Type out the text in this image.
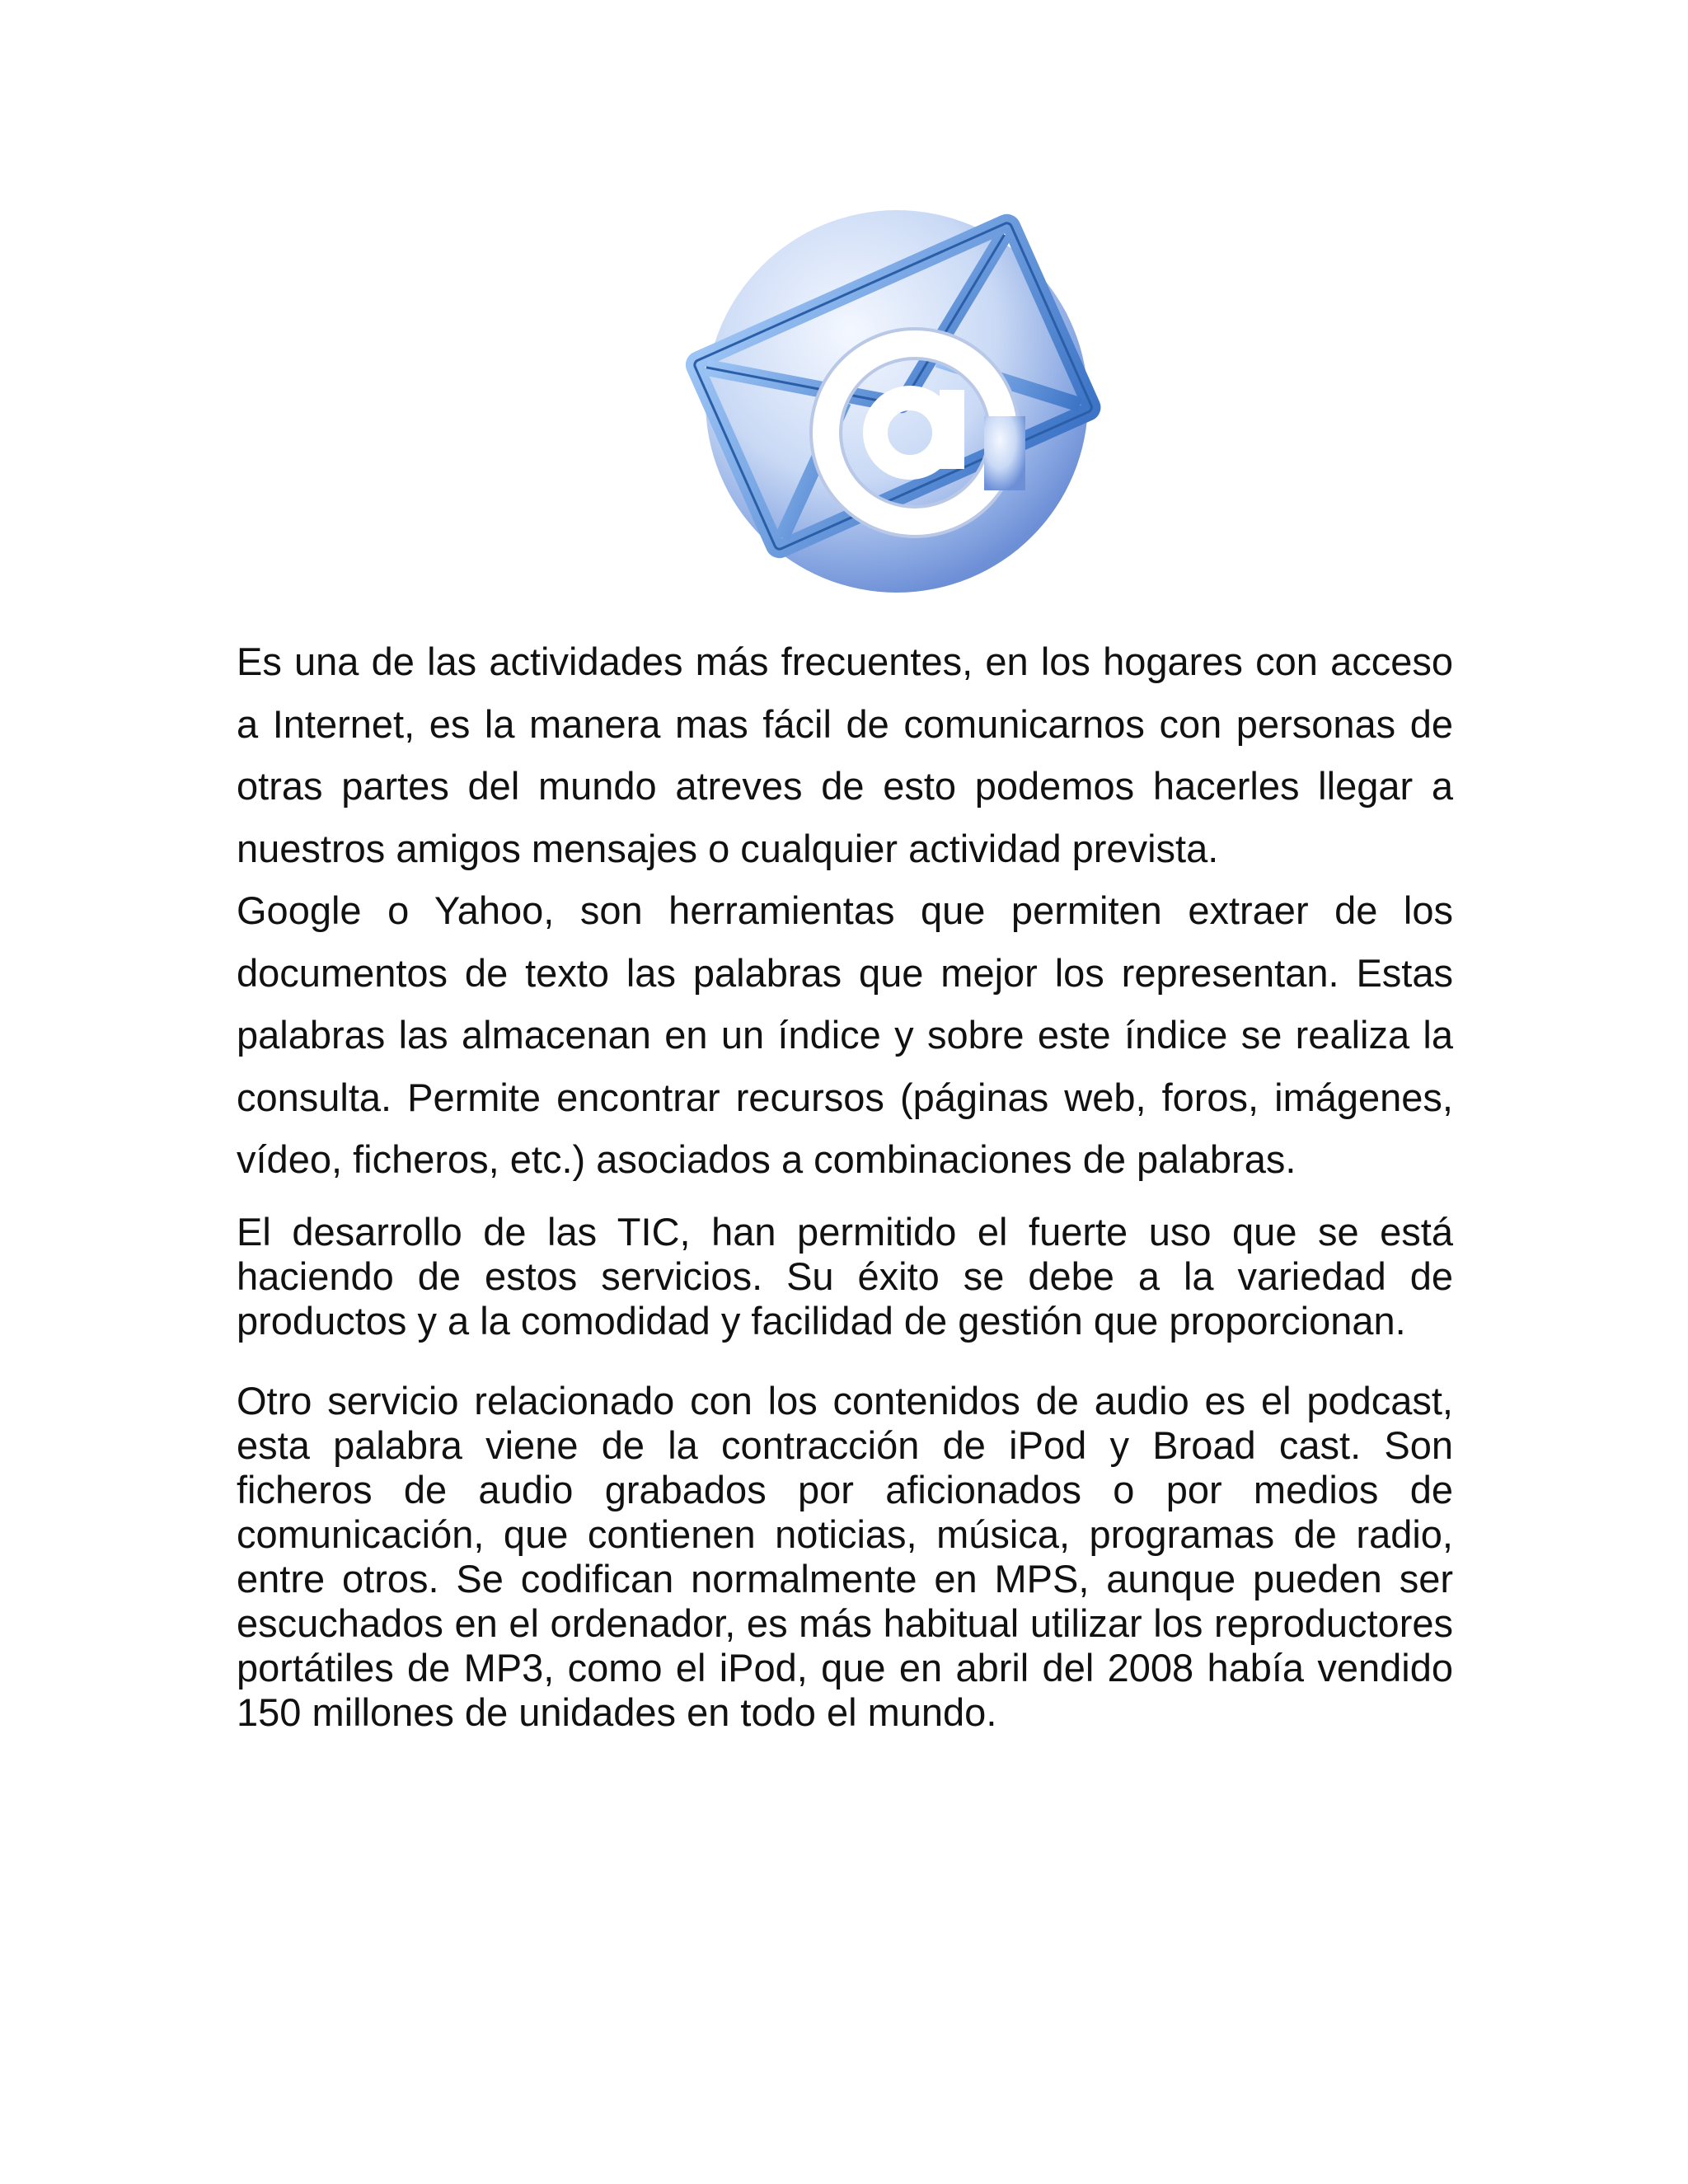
Es una de las actividades más frecuentes, en los hogares con acceso a Internet, es la manera mas fácil de comunicarnos con personas de otras partes del mundo atreves de esto podemos hacerles llegar a nuestros amigos mensajes o cualquier actividad prevista.

Google o Yahoo, son herramientas que permiten extraer de los documentos de texto las palabras que mejor los representan. Estas palabras las almacenan en un índice y sobre este índice se realiza la consulta. Permite encontrar recursos (páginas web, foros, imágenes, vídeo, ficheros, etc.) asociados a combinaciones de palabras.

El desarrollo de las TIC, han permitido el fuerte uso que se está haciendo de estos servicios. Su éxito se debe a la variedad de productos y a la comodidad y facilidad de gestión que proporcionan.

Otro servicio relacionado con los contenidos de audio es el podcast, esta palabra viene de la contracción de iPod y Broad cast. Son ficheros de audio grabados por aficionados o por medios de comunicación, que contienen noticias, música, programas de radio, entre otros. Se codifican normalmente en MPS, aunque pueden ser escuchados en el ordenador, es más habitual utilizar los reproductores portátiles de MP3, como el iPod, que en abril del 2008 había vendido 150 millones de unidades en todo el mundo.
